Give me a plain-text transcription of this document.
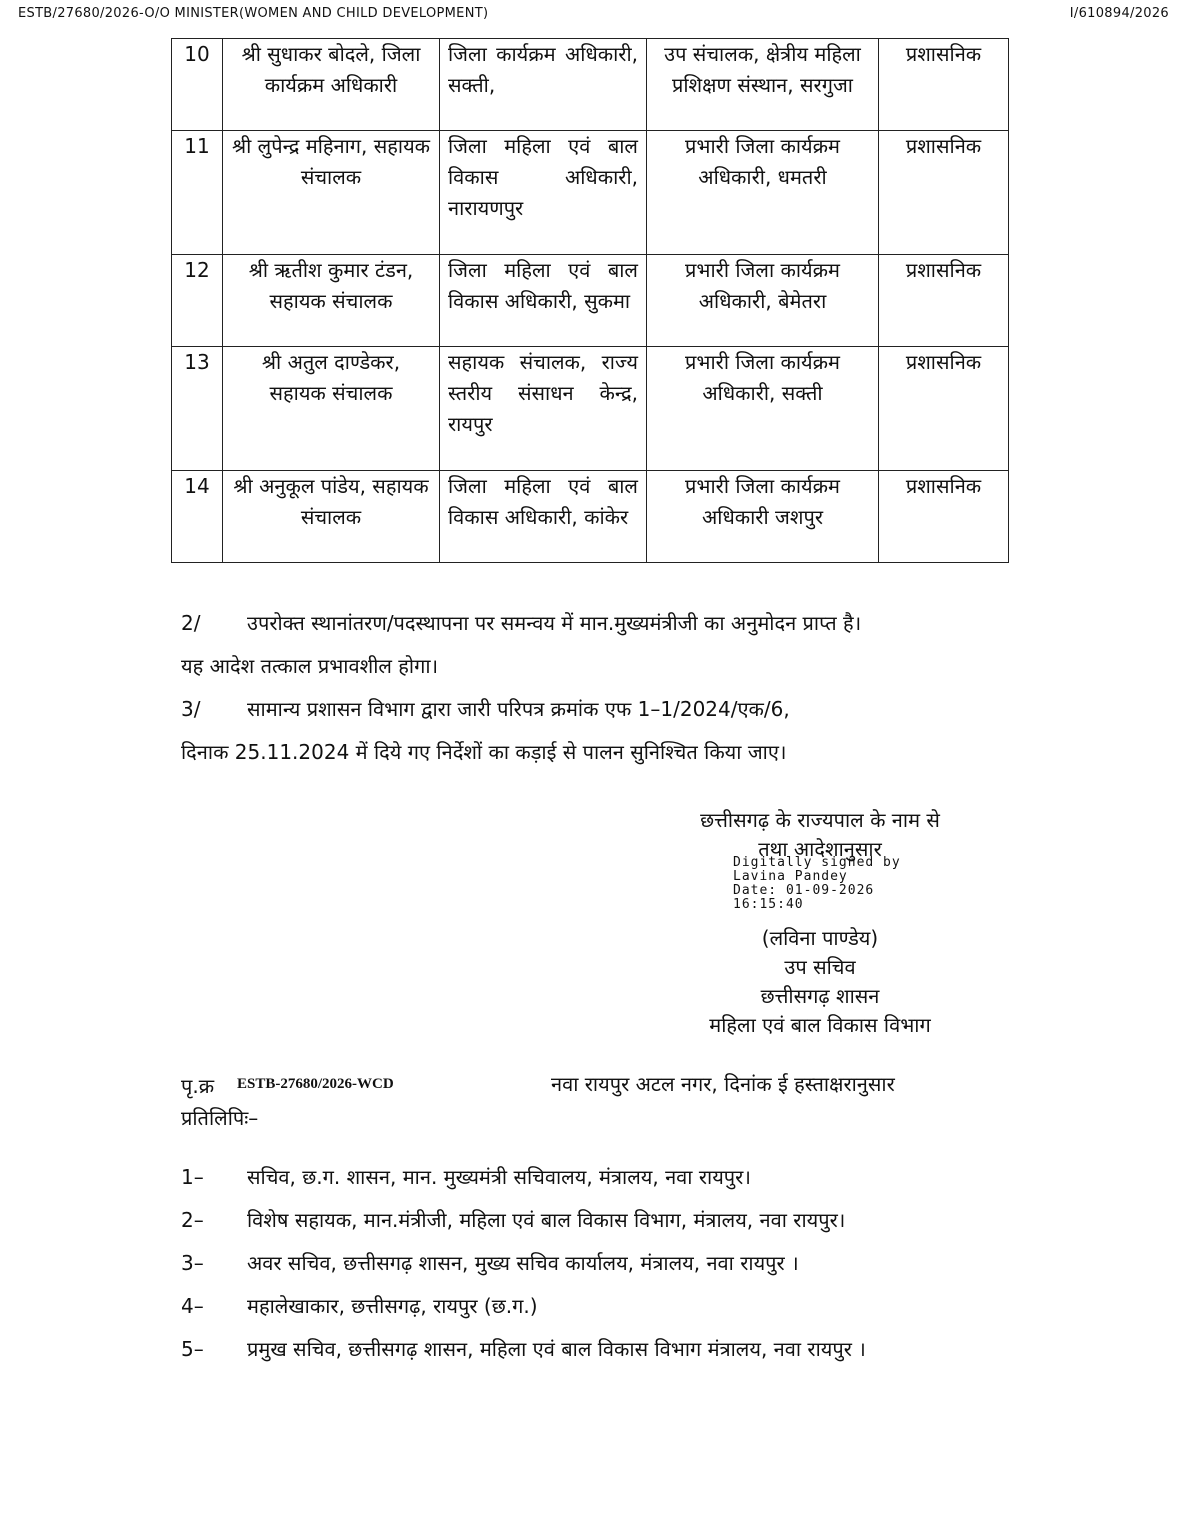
ESTB/27680/2026-O/O MINISTER(WOMEN AND CHILD DEVELOPMENT)	I/610894/2026
10	श्री सुधाकर बोदले, जिला कार्यक्रम अधिकारी	जिला कार्यक्रम अधिकारी, सक्ती,	उप संचालक, क्षेत्रीय महिला प्रशिक्षण संस्थान, सरगुजा	प्रशासनिक
11	श्री लुपेन्द्र महिनाग, सहायक संचालक	जिला महिला एवं बाल विकास अधिकारी, नारायणपुर	प्रभारी जिला कार्यक्रम अधिकारी, धमतरी	प्रशासनिक
12	श्री ऋतीश कुमार टंडन, सहायक संचालक	जिला महिला एवं बाल विकास अधिकारी, सुकमा	प्रभारी जिला कार्यक्रम अधिकारी, बेमेतरा	प्रशासनिक
13	श्री अतुल दाण्डेकर, सहायक संचालक	सहायक संचालक, राज्य स्तरीय संसाधन केन्द्र, रायपुर	प्रभारी जिला कार्यक्रम अधिकारी, सक्ती	प्रशासनिक
14	श्री अनुकूल पांडेय, सहायक संचालक	जिला महिला एवं बाल विकास अधिकारी, कांकेर	प्रभारी जिला कार्यक्रम अधिकारी जशपुर	प्रशासनिक
2/ उपरोक्त स्थानांतरण/पदस्थापना पर समन्वय में मान.मुख्यमंत्रीजी का अनुमोदन प्राप्त है।
यह आदेश तत्काल प्रभावशील होगा।
3/ सामान्य प्रशासन विभाग द्वारा जारी परिपत्र क्रमांक एफ 1–1/2024/एक/6,
दिनाक 25.11.2024 में दिये गए निर्देशों का कड़ाई से पालन सुनिश्चित किया जाए।
छत्तीसगढ़ के राज्यपाल के नाम से
तथा आदेशानुसार
Digitally signed by
Lavina Pandey
Date: 01-09-2026
16:15:40
(लविना पाण्डेय)
उप सचिव
छत्तीसगढ़ शासन
महिला एवं बाल विकास विभाग
पृ.क्र ESTB-27680/2026-WCD	नवा रायपुर अटल नगर, दिनांक ई हस्ताक्षरानुसार
प्रतिलिपिः–
1– सचिव, छ.ग. शासन, मान. मुख्यमंत्री सचिवालय, मंत्रालय, नवा रायपुर।
2– विशेष सहायक, मान.मंत्रीजी, महिला एवं बाल विकास विभाग, मंत्रालय, नवा रायपुर।
3– अवर सचिव, छत्तीसगढ़ शासन, मुख्य सचिव कार्यालय, मंत्रालय, नवा रायपुर ।
4– महालेखाकार, छत्तीसगढ़, रायपुर (छ.ग.)
5– प्रमुख सचिव, छत्तीसगढ़ शासन, महिला एवं बाल विकास विभाग मंत्रालय, नवा रायपुर ।
